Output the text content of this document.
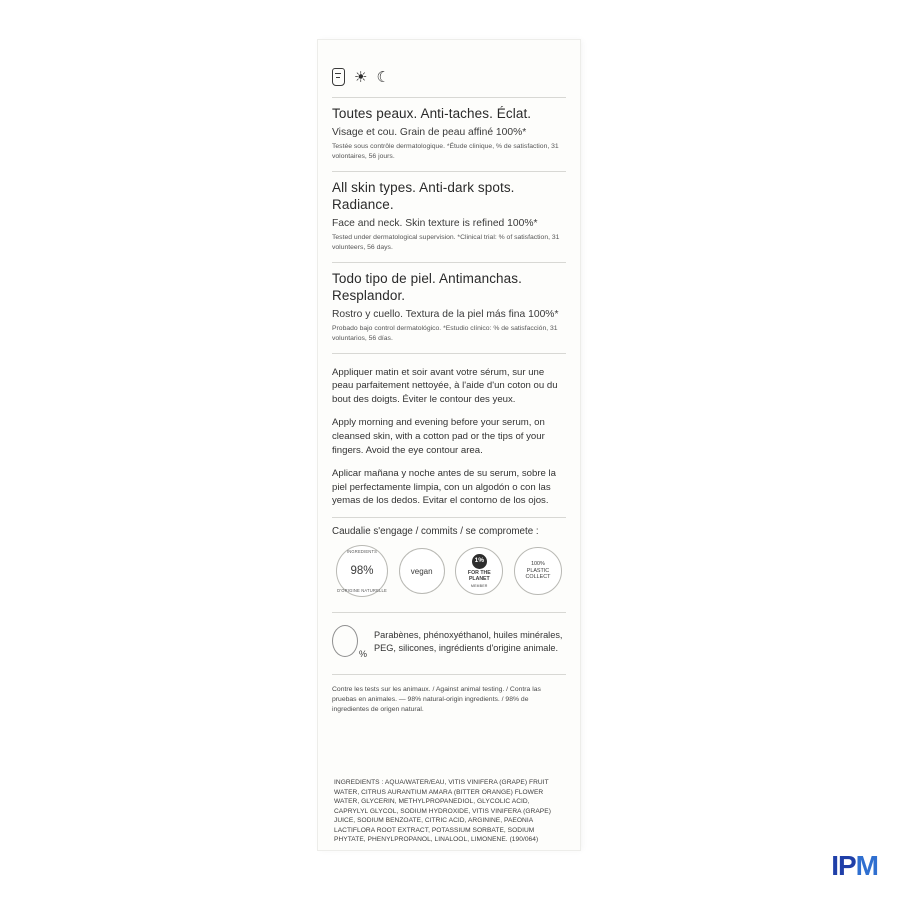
☀ ☾

Toutes peaux. Anti-taches. Éclat.

Visage et cou. Grain de peau affiné 100%*

Testée sous contrôle dermatologique. *Étude clinique, % de satisfaction, 31 volontaires, 56 jours.

All skin types. Anti-dark spots. Radiance.

Face and neck. Skin texture is refined 100%*

Tested under dermatological supervision. *Clinical trial: % of satisfaction, 31 volunteers, 56 days.

Todo tipo de piel. Antimanchas. Resplandor.

Rostro y cuello. Textura de la piel más fina 100%*

Probado bajo control dermatológico. *Estudio clínico: % de satisfacción, 31 voluntarios, 56 días.

Appliquer matin et soir avant votre sérum, sur une peau parfaitement nettoyée, à l'aide d'un coton ou du bout des doigts. Éviter le contour des yeux.

Apply morning and evening before your serum, on cleansed skin, with a cotton pad or the tips of your fingers. Avoid the eye contour area.

Aplicar mañana y noche antes de su serum, sobre la piel perfectamente limpia, con un algodón o con las yemas de los dedos. Evitar el contorno de los ojos.

Caudalie s'engage / commits / se compromete :

INGREDIENTS
98%
D'ORIGINE NATURELLE
vegan
1%
FOR THE
PLANET
MEMBER
100%
PLASTIC
COLLECT
%
Parabènes, phénoxyéthanol, huiles minérales, PEG, silicones, ingrédients d'origine animale.
Contre les tests sur les animaux. / Against animal testing. / Contra las pruebas en animales. — 98% natural-origin ingredients. / 98% de ingredientes de origen natural.
INGREDIENTS : AQUA/WATER/EAU, VITIS VINIFERA (GRAPE) FRUIT WATER, CITRUS AURANTIUM AMARA (BITTER ORANGE) FLOWER WATER, GLYCERIN, METHYLPROPANEDIOL, GLYCOLIC ACID, CAPRYLYL GLYCOL, SODIUM HYDROXIDE, VITIS VINIFERA (GRAPE) JUICE, SODIUM BENZOATE, CITRIC ACID, ARGININE, PAEONIA LACTIFLORA ROOT EXTRACT, POTASSIUM SORBATE, SODIUM PHYTATE, PHENYLPROPANOL, LINALOOL, LIMONENE. (190/064)
IPM
